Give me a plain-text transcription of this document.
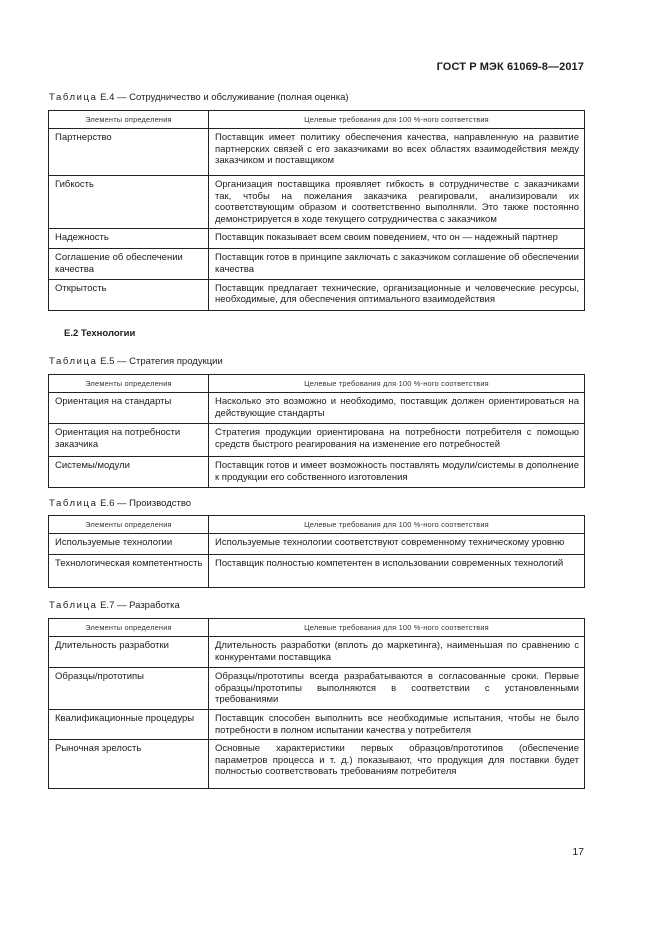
ГОСТ Р МЭК 61069-8—2017
Таблица Е.4 — Сотрудничество и обслуживание (полная оценка)
Элементы определения	Целевые требования для 100 %-ного соответствия
Партнерство	Поставщик имеет политику обеспечения качества, направленную на развитие партнерских связей с его заказчиками во всех областях взаимодействия между заказчиком и поставщиком
Гибкость	Организация поставщика проявляет гибкость в сотрудничестве с заказчиками так, чтобы на пожелания заказчика реагировали, анализировали их соответствующим образом и соответственно выполняли. Это также постоянно демонстрируется в ходе текущего сотрудничества с заказчиком
Надежность	Поставщик показывает всем своим поведением, что он — надежный партнер
Соглашение об обеспечении качества	Поставщик готов в принципе заключать с заказчиком соглашение об обеспечении качества
Открытость	Поставщик предлагает технические, организационные и человеческие ресурсы, необходимые, для обеспечения оптимального взаимодействия
Е.2 Технологии
Таблица Е.5 — Стратегия продукции
Элементы определения	Целевые требования для 100 %-ного соответствия
Ориентация на стандарты	Насколько это возможно и необходимо, поставщик должен ориентироваться на действующие стандарты
Ориентация на потребности заказчика	Стратегия продукции ориентирована на потребности потребителя с помощью средств быстрого реагирования на изменение его потребностей
Системы/модули	Поставщик готов и имеет возможность поставлять модули/системы в дополнение к продукции его собственного изготовления
Таблица Е.6 — Производство
Элементы определения	Целевые требования для 100 %-ного соответствия
Используемые технологии	Используемые технологии соответствуют современному техническому уровню
Технологическая компетентность	Поставщик полностью компетентен в использовании современных технологий
Таблица Е.7 — Разработка
Элементы определения	Целевые требования для 100 %-ного соответствия
Длительность разработки	Длительность разработки (вплоть до маркетинга), наименьшая по сравнению с конкурентами поставщика
Образцы/прототипы	Образцы/прототипы всегда разрабатываются в согласованные сроки. Первые образцы/прототипы выполняются в соответствии с установленными требованиями
Квалификационные процедуры	Поставщик способен выполнить все необходимые испытания, чтобы не было потребности в полном испытании качества у потребителя
Рыночная зрелость	Основные характеристики первых образцов/прототипов (обеспечение параметров процесса и т. д.) показывают, что продукция для поставки будет полностью соответствовать требованиям потребителя
17
